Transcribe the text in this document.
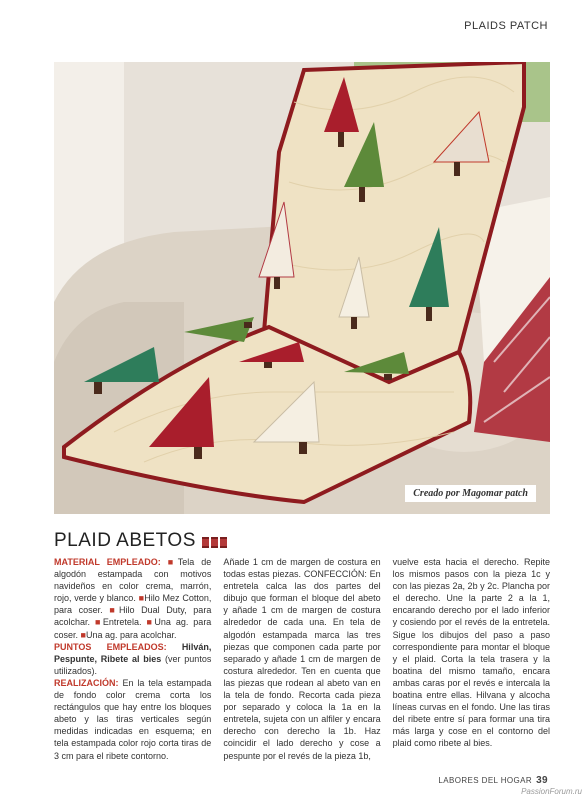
PLAIDS PATCH
Creado por Magomar patch
PLAID ABETOS
MATERIAL EMPLEADO: ■Tela de algodón estampada con motivos navideños en color crema, marrón, rojo, verde y blanco. ■Hilo Mez Cotton, para coser. ■Hilo Dual Duty, para acolchar. ■Entretela. ■Una ag. para coser. ■Una ag. para acolchar.
PUNTOS EMPLEADOS: Hilván, Pespunte, Ribete al bies (ver puntos utilizados).
REALIZACIÓN: En la tela estampada de fondo color crema corta los rectángulos que hay entre los bloques abeto y las tiras verticales según medidas indicadas en esquema; en tela estampada color rojo corta tiras de 3 cm para el ribete contorno.
Añade 1 cm de margen de costura en todas estas piezas. CONFECCIÓN: En entretela calca las dos partes del dibujo que forman el bloque del abeto y añade 1 cm de margen de costura alrededor de cada una. En tela de algodón estampada marca las tres piezas que componen cada parte por separado y añade 1 cm de margen de costura alrededor. Ten en cuenta que las piezas que rodean al abeto van en la tela de fondo. Recorta cada pieza por separado y coloca la 1a en la entretela, sujeta con un alfiler y encara derecho con derecho la 1b. Haz coincidir el lado derecho y cose a pespunte por el revés de la pieza 1b,
vuelve esta hacia el derecho. Repite los mismos pasos con la pieza 1c y con las piezas 2a, 2b y 2c. Plancha por el derecho. Une la parte 2 a la 1, encarando derecho por el lado inferior y cosiendo por el revés de la entretela. Sigue los dibujos del paso a paso correspondiente para montar el bloque y el plaid. Corta la tela trasera y la boatina del mismo tamaño, encara ambas caras por el revés e intercala la boatina entre ellas. Hilvana y alcocha líneas curvas en el fondo. Une las tiras del ribete entre sí para formar una tira más larga y cose en el contorno del plaid como ribete al bies.
LABORES DEL HOGAR 39
PassionForum.ru
